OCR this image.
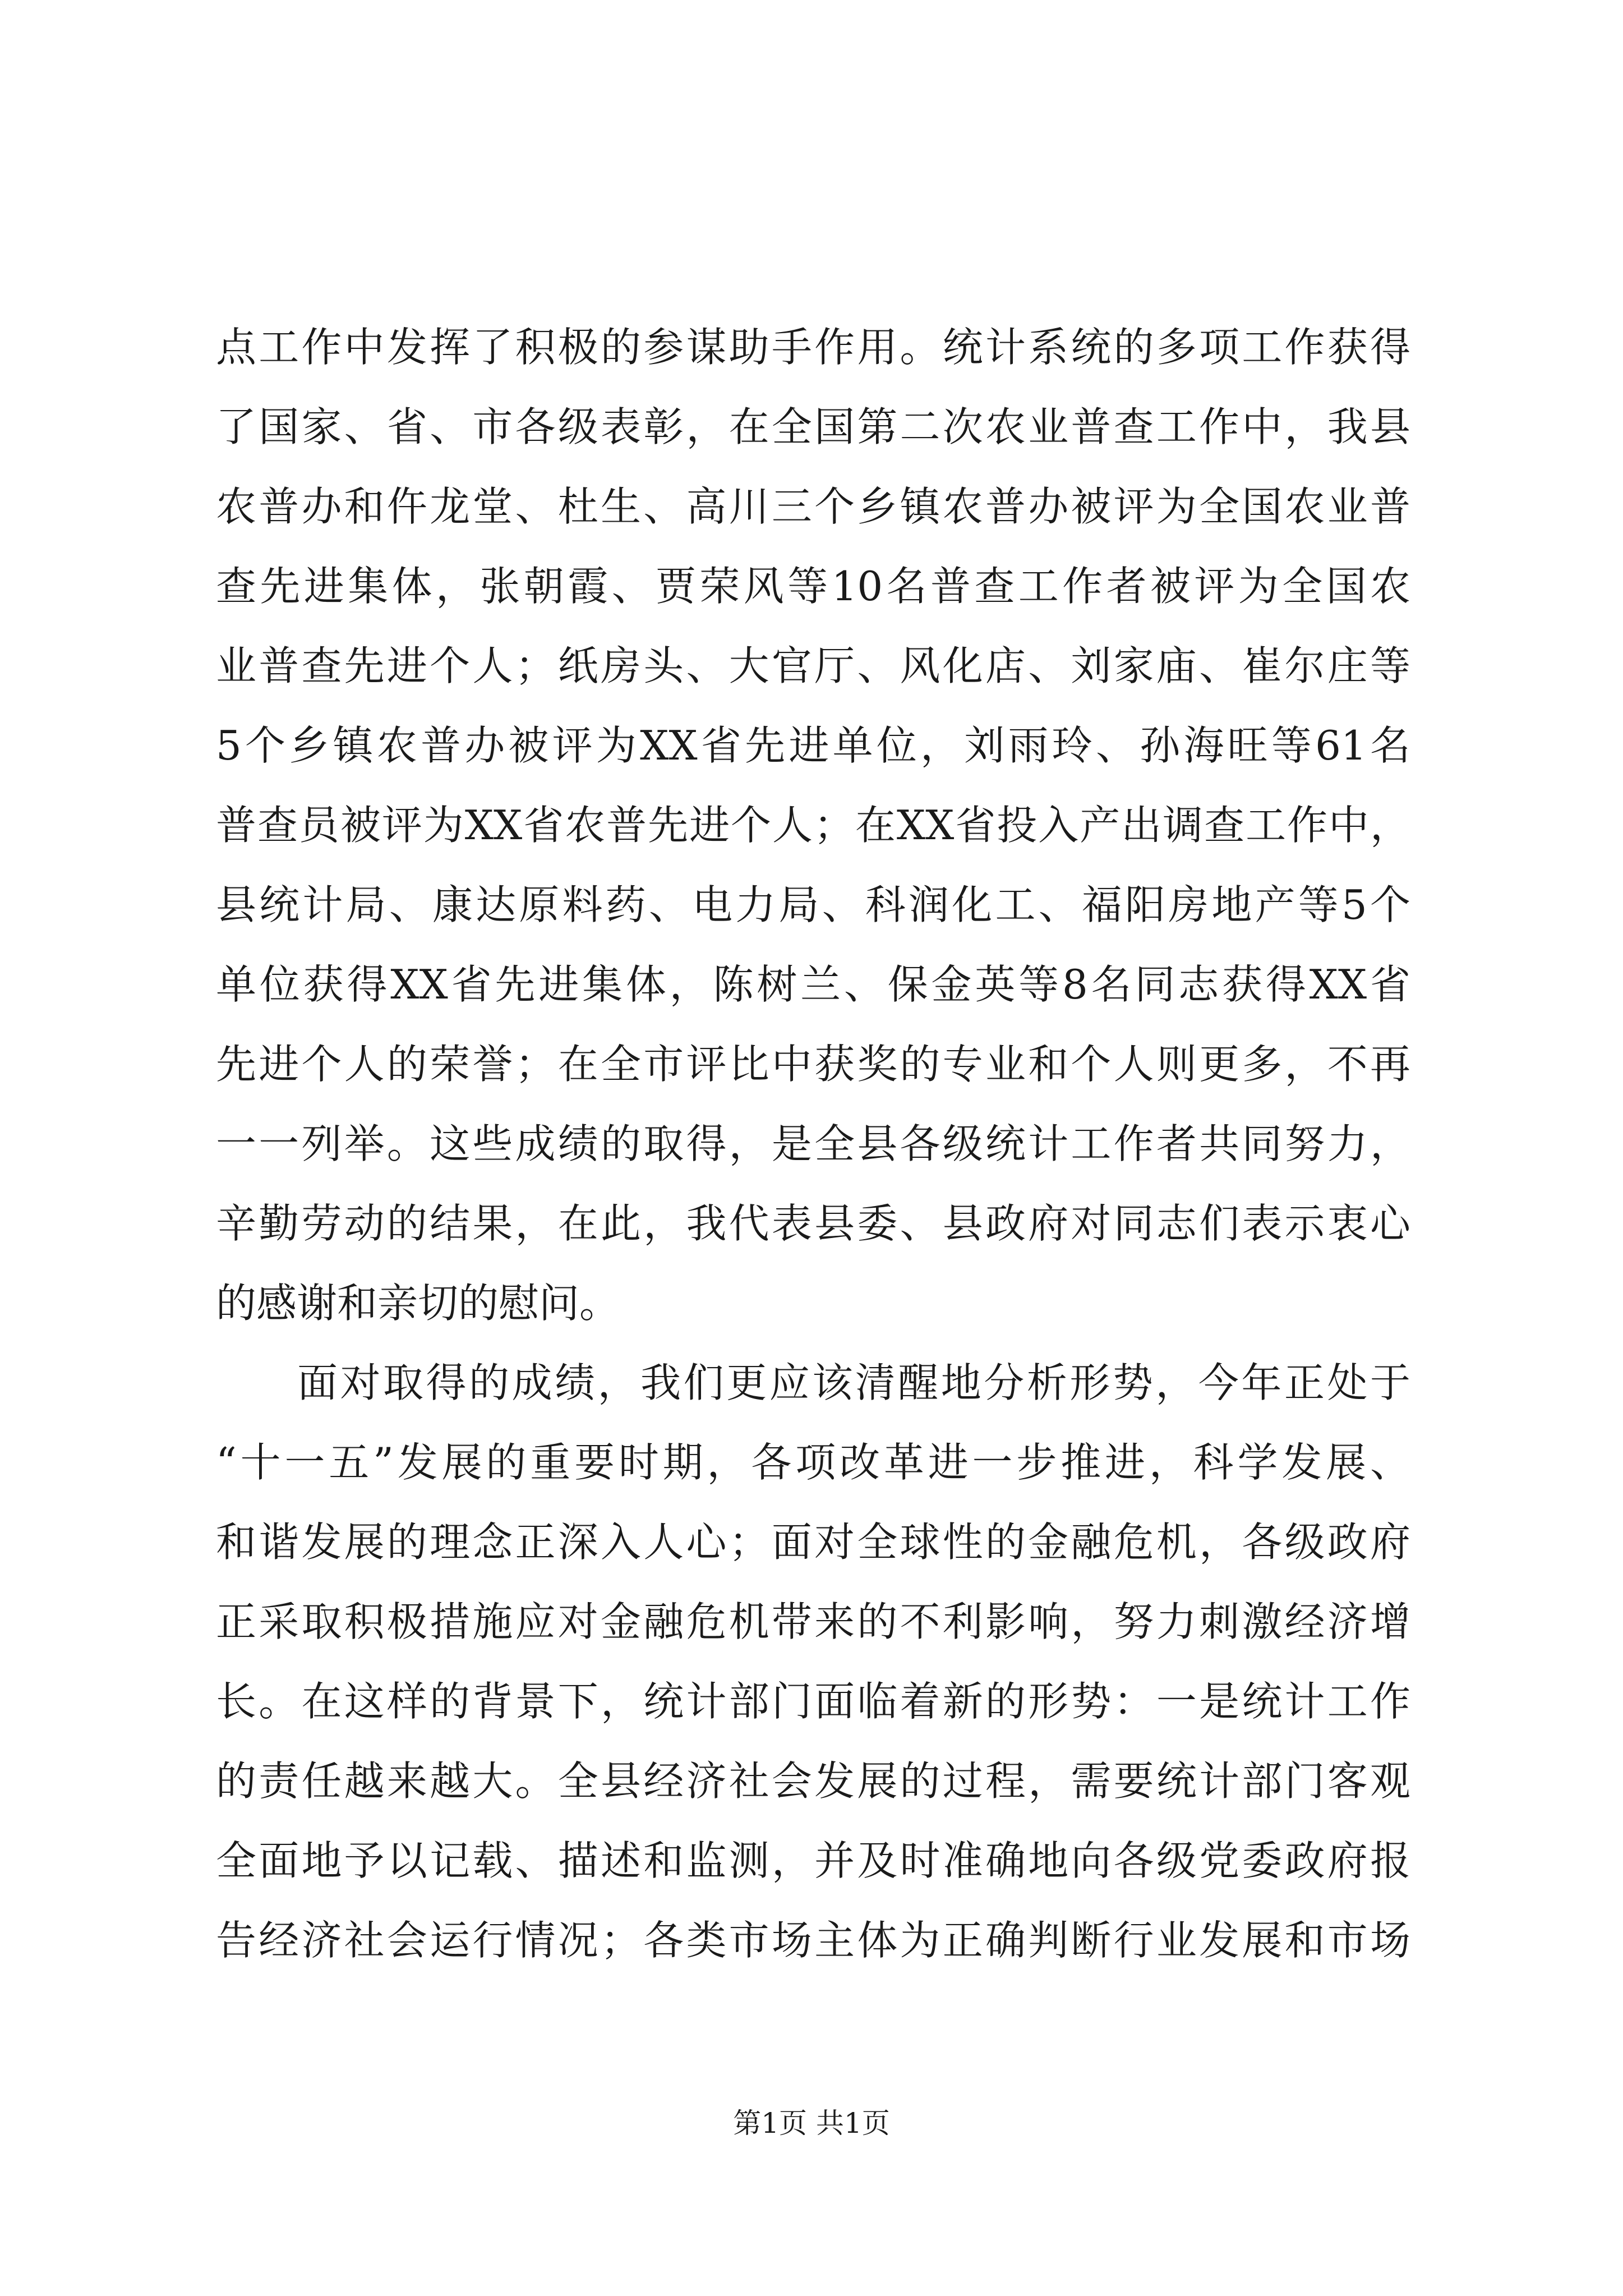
点工作中发挥了积极的参谋助手作用。统计系统的多项工作获得
了国家、省、市各级表彰，在全国第二次农业普查工作中，我县
农普办和仵龙堂、杜生、高川三个乡镇农普办被评为全国农业普
查先进集体，张朝霞、贾荣风等10名普查工作者被评为全国农
业普查先进个人；纸房头、大官厅、风化店、刘家庙、崔尔庄等
5个乡镇农普办被评为XX省先进单位，刘雨玲、孙海旺等61名
普查员被评为XX省农普先进个人；在XX省投入产出调查工作中，
县统计局、康达原料药、电力局、科润化工、福阳房地产等5个
单位获得XX省先进集体，陈树兰、保金英等8名同志获得XX省
先进个人的荣誉；在全市评比中获奖的专业和个人则更多，不再
一一列举。这些成绩的取得，是全县各级统计工作者共同努力，
辛勤劳动的结果，在此，我代表县委、县政府对同志们表示衷心
的感谢和亲切的慰问。
面对取得的成绩，我们更应该清醒地分析形势，今年正处于
“十一五”发展的重要时期，各项改革进一步推进，科学发展、
和谐发展的理念正深入人心；面对全球性的金融危机，各级政府
正采取积极措施应对金融危机带来的不利影响，努力刺激经济增
长。在这样的背景下，统计部门面临着新的形势：一是统计工作
的责任越来越大。全县经济社会发展的过程，需要统计部门客观
全面地予以记载、描述和监测，并及时准确地向各级党委政府报
告经济社会运行情况；各类市场主体为正确判断行业发展和市场
第1页 共1页
